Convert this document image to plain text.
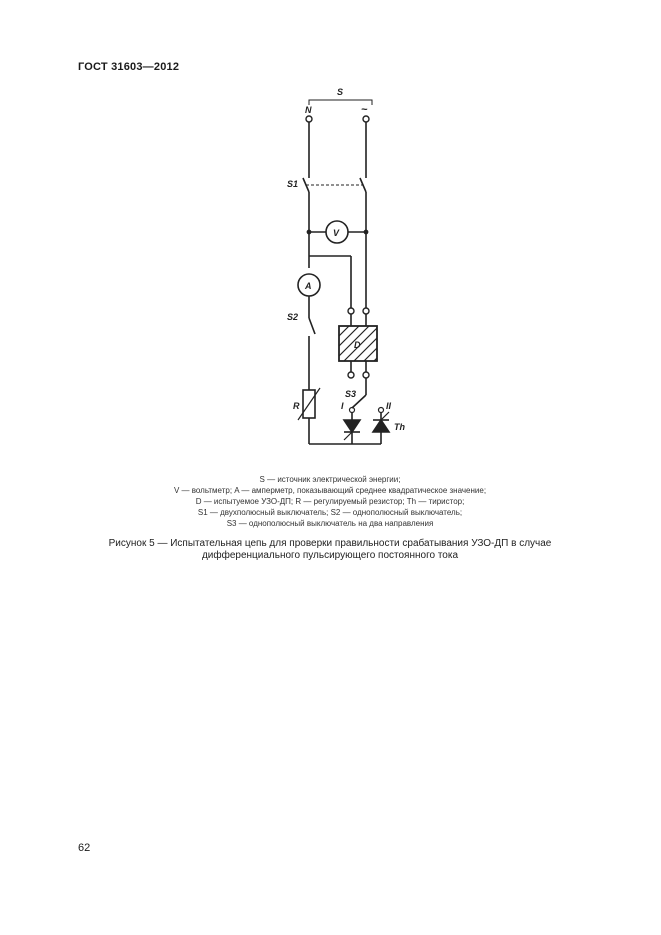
ГОСТ 31603—2012
S
N	~
S1
V
A
S2
D
S3
R	I	II
Th
S — источник электрической энергии;
V — вольтметр; A — амперметр, показывающий среднее квадратическое значение;
D — испытуемое УЗО-ДП; R — регулируемый резистор; Th — тиристор;
S1 — двухполюсный выключатель; S2 — однополюсный выключатель;
S3 — однополюсный выключатель на два направления
Рисунок 5 — Испытательная цепь для проверки правильности срабатывания УЗО-ДП в случае
дифференциального пульсирующего постоянного тока
62
